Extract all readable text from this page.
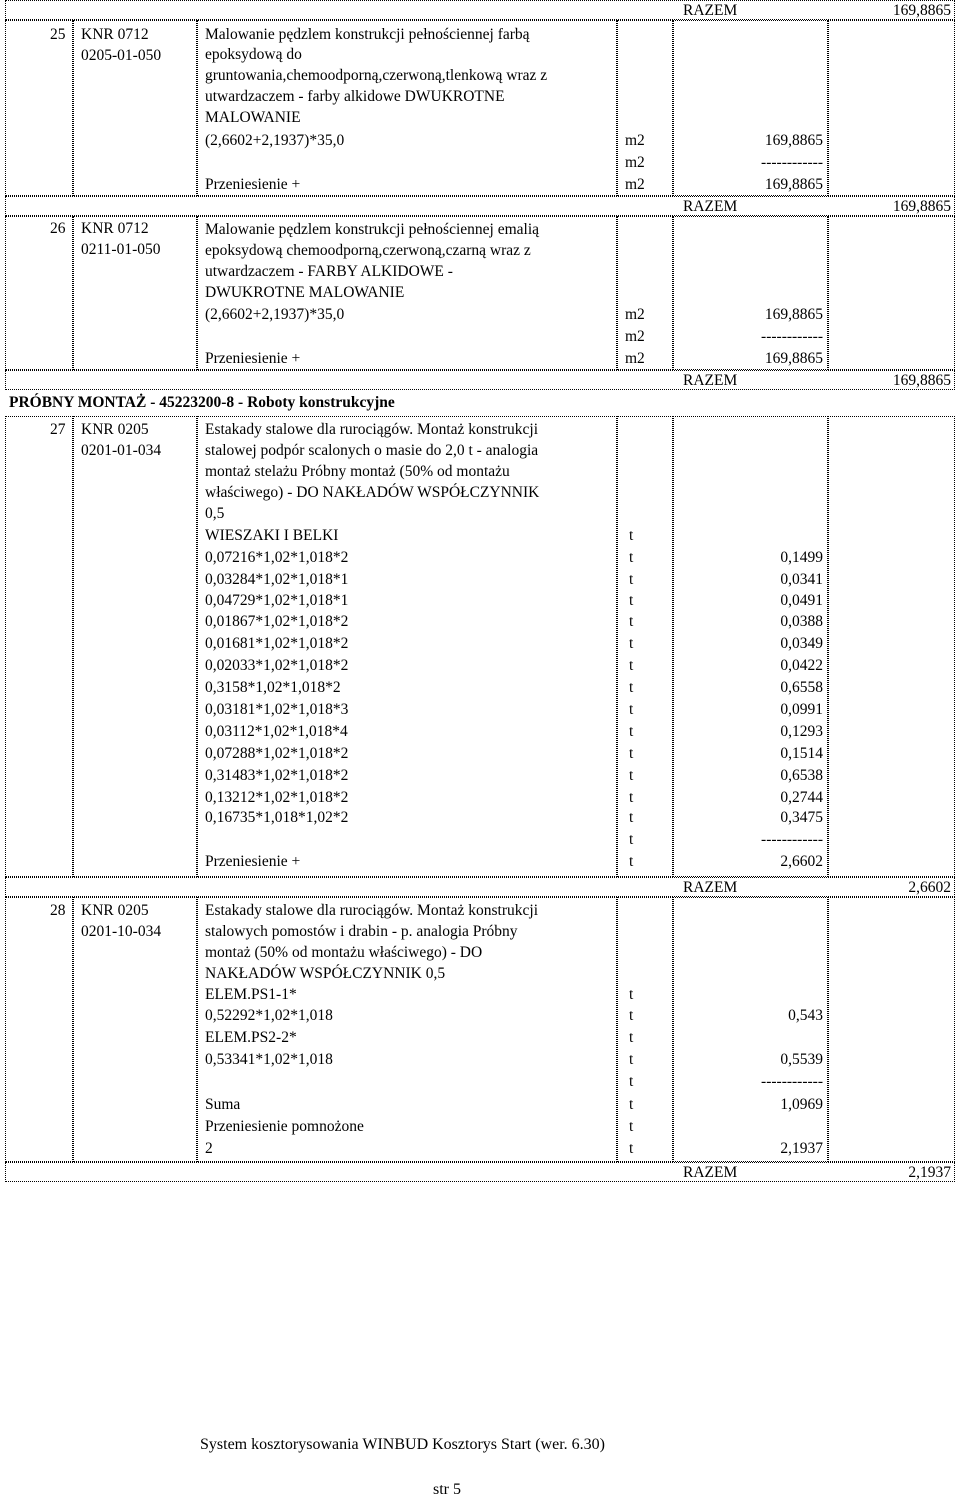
RAZEM	169,8865
25 KNR 0712
0205-01-050
Malowanie pędzlem konstrukcji pełnościennej farbą
epoksydową do
gruntowania,chemoodporną,czerwoną,tlenkową wraz z
utwardzaczem - farby alkidowe DWUKROTNE
MALOWANIE
(2,6602+2,1937)*35,0	m2	169,8865
m2	------------
Przeniesienie +	m2	169,8865
RAZEM	169,8865
26 KNR 0712
0211-01-050
Malowanie pędzlem konstrukcji pełnościennej emalią
epoksydową chemoodporną,czerwoną,czarną wraz z
utwardzaczem - FARBY ALKIDOWE -
DWUKROTNE MALOWANIE
(2,6602+2,1937)*35,0	m2	169,8865
m2	------------
Przeniesienie +	m2	169,8865
RAZEM	169,8865
PRÓBNY MONTAŻ - 45223200-8 - Roboty konstrukcyjne
27 KNR 0205
0201-01-034
Estakady stalowe dla rurociągów. Montaż konstrukcji
stalowej podpór scalonych o masie do 2,0 t - analogia
montaż stelażu Próbny montaż (50% od montażu
właściwego) - DO NAKŁADÓW WSPÓŁCZYNNIK
0,5
WIESZAKI I BELKI	t
0,07216*1,02*1,018*2	t	0,1499
0,03284*1,02*1,018*1	t	0,0341
0,04729*1,02*1,018*1	t	0,0491
0,01867*1,02*1,018*2	t	0,0388
0,01681*1,02*1,018*2	t	0,0349
0,02033*1,02*1,018*2	t	0,0422
0,3158*1,02*1,018*2	t	0,6558
0,03181*1,02*1,018*3	t	0,0991
0,03112*1,02*1,018*4	t	0,1293
0,07288*1,02*1,018*2	t	0,1514
0,31483*1,02*1,018*2	t	0,6538
0,13212*1,02*1,018*2	t	0,2744
0,16735*1,018*1,02*2	t	0,3475
t	------------
Przeniesienie +	t	2,6602
RAZEM	2,6602
28 KNR 0205
0201-10-034
Estakady stalowe dla rurociągów. Montaż konstrukcji
stalowych pomostów i drabin - p. analogia Próbny
montaż (50% od montażu właściwego) - DO
NAKŁADÓW WSPÓŁCZYNNIK 0,5
ELEM.PS1-1*	t
0,52292*1,02*1,018	t	0,543
ELEM.PS2-2*	t
0,53341*1,02*1,018	t	0,5539
t	------------
Suma	t	1,0969
Przeniesienie pomnożone	t
2	t	2,1937
RAZEM	2,1937
System kosztorysowania WINBUD Kosztorys Start (wer. 6.30)
str 5
